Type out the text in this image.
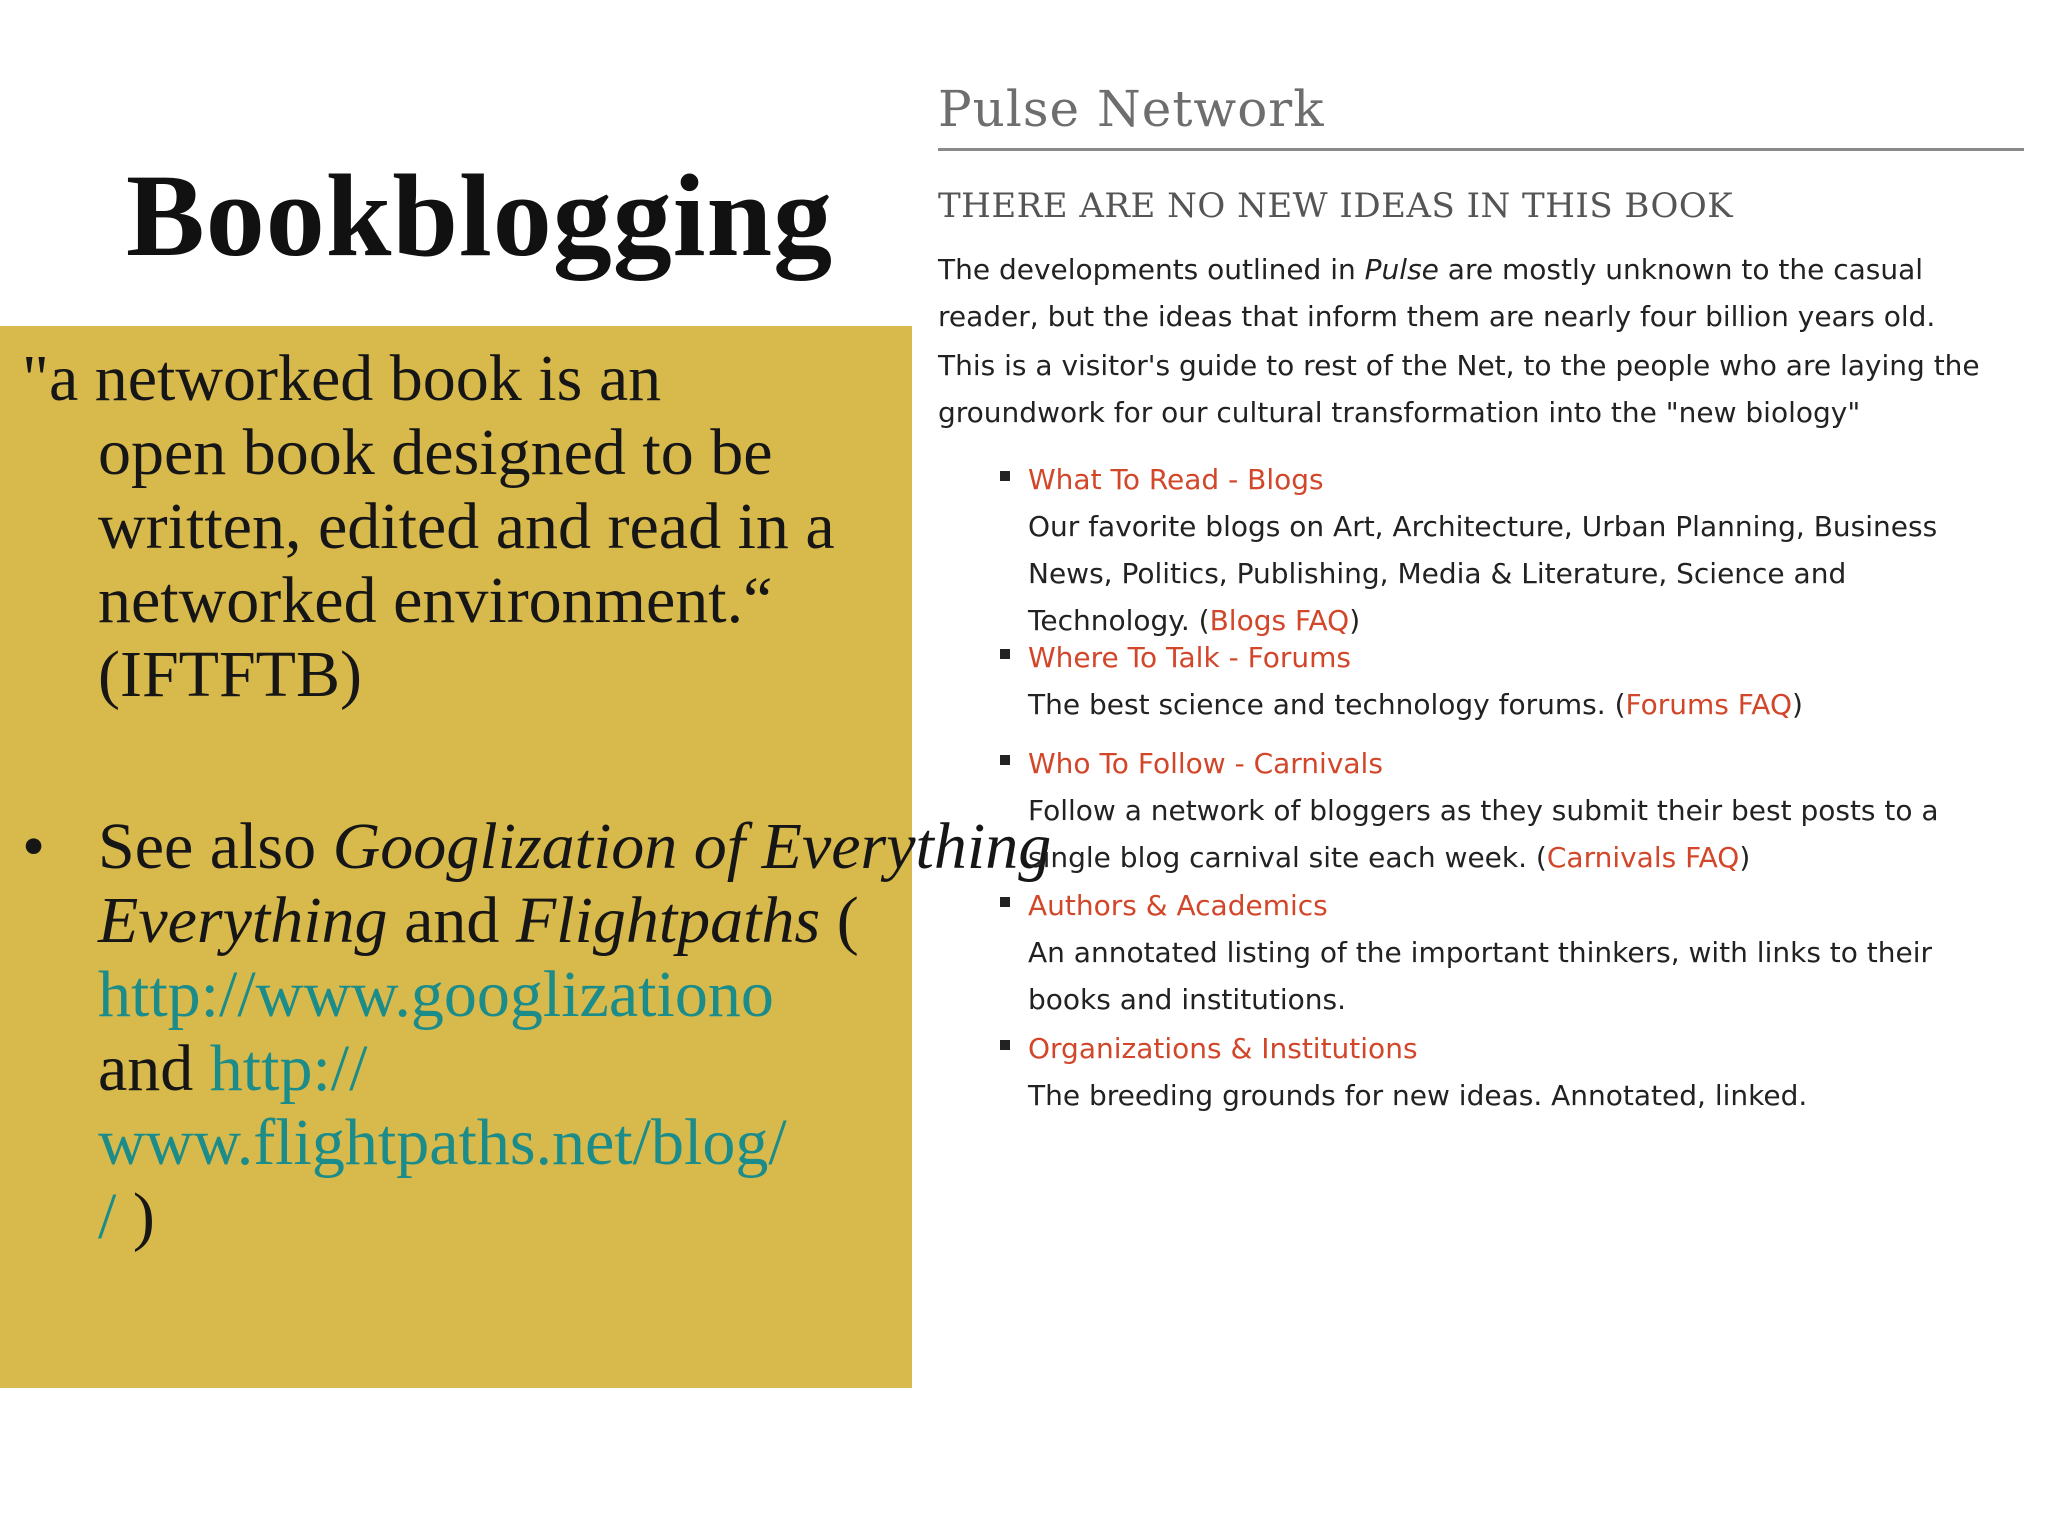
Bookblogging
"a networked book is an
open book designed to be written, edited and read in a networked environment.“ (IFTFTB)
• See also Googlization of Everything
Everything and Flightpaths (
http://www.googlizationo
and http://
www.flightpaths.net/blog/
/ )
Pulse Network
THERE ARE NO NEW IDEAS IN THIS BOOK
The developments outlined in Pulse are mostly unknown to the casual reader, but the ideas that inform them are nearly four billion years old.
This is a visitor's guide to rest of the Net, to the people who are laying the groundwork for our cultural transformation into the "new biology"
What To Read - Blogs
Our favorite blogs on Art, Architecture, Urban Planning, Business News, Politics, Publishing, Media & Literature, Science and Technology. (Blogs FAQ)
Where To Talk - Forums
The best science and technology forums. (Forums FAQ)
Who To Follow - Carnivals
Follow a network of bloggers as they submit their best posts to a single blog carnival site each week. (Carnivals FAQ)
Authors & Academics
An annotated listing of the important thinkers, with links to their books and institutions.
Organizations & Institutions
The breeding grounds for new ideas. Annotated, linked.
